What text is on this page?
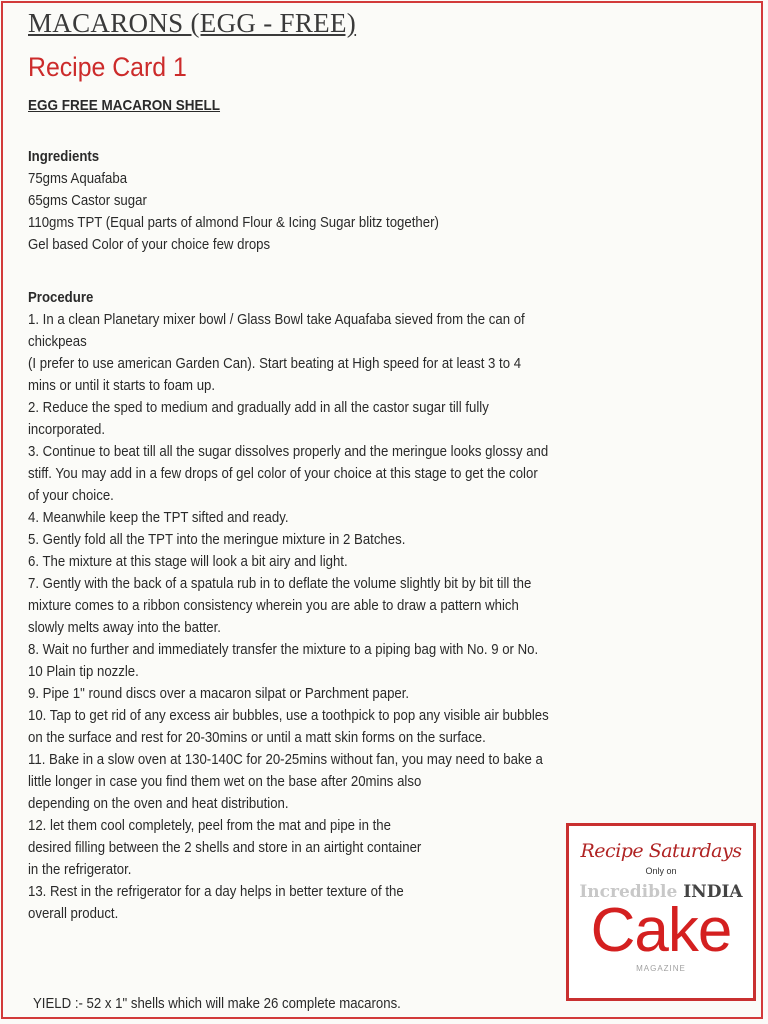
MACARONS (EGG - FREE)
Recipe Card 1
EGG FREE MACARON SHELL
Ingredients
75gms Aquafaba
65gms Castor sugar
110gms TPT (Equal parts of almond Flour & Icing Sugar blitz together)
Gel based Color of your choice few drops
Procedure
1. In a clean Planetary mixer bowl / Glass Bowl take Aquafaba sieved from the can of
chickpeas
(I prefer to use american Garden Can). Start beating at High speed for at least 3 to 4
mins or until it starts to foam up.
2. Reduce the sped to medium and gradually add in all the castor sugar till fully
incorporated.
3. Continue to beat till all the sugar dissolves properly and the meringue looks glossy and
stiff. You may add in a few drops of gel color of your choice at this stage to get the color
of your choice.
4. Meanwhile keep the TPT sifted and ready.
5. Gently fold all the TPT into the meringue mixture in 2 Batches.
6. The mixture at this stage will look a bit airy and light.
7. Gently with the back of a spatula rub in to deflate the volume slightly bit by bit till the
mixture comes to a ribbon consistency wherein you are able to draw a pattern which
slowly melts away into the batter.
8. Wait no further and immediately transfer the mixture to a piping bag with No. 9 or No.
10 Plain tip nozzle.
9. Pipe 1" round discs over a macaron silpat or Parchment paper.
10. Tap to get rid of any excess air bubbles, use a toothpick to pop any visible air bubbles
on the surface and rest for 20-30mins or until a matt skin forms on the surface.
11. Bake in a slow oven at 130-140C for 20-25mins without fan, you may need to bake a
little longer in case you find them wet on the base after 20mins also
depending on the oven and heat distribution.
12. let them cool completely, peel from the mat and pipe in the
desired filling between the 2 shells and store in an airtight container
in the refrigerator.
13. Rest in the refrigerator for a day helps in better texture of the
overall product.
YIELD :- 52 x 1" shells which will make 26 complete macarons.
Recipe Saturdays
Only on
Incredible INDIA
Cake
MAGAZINE
